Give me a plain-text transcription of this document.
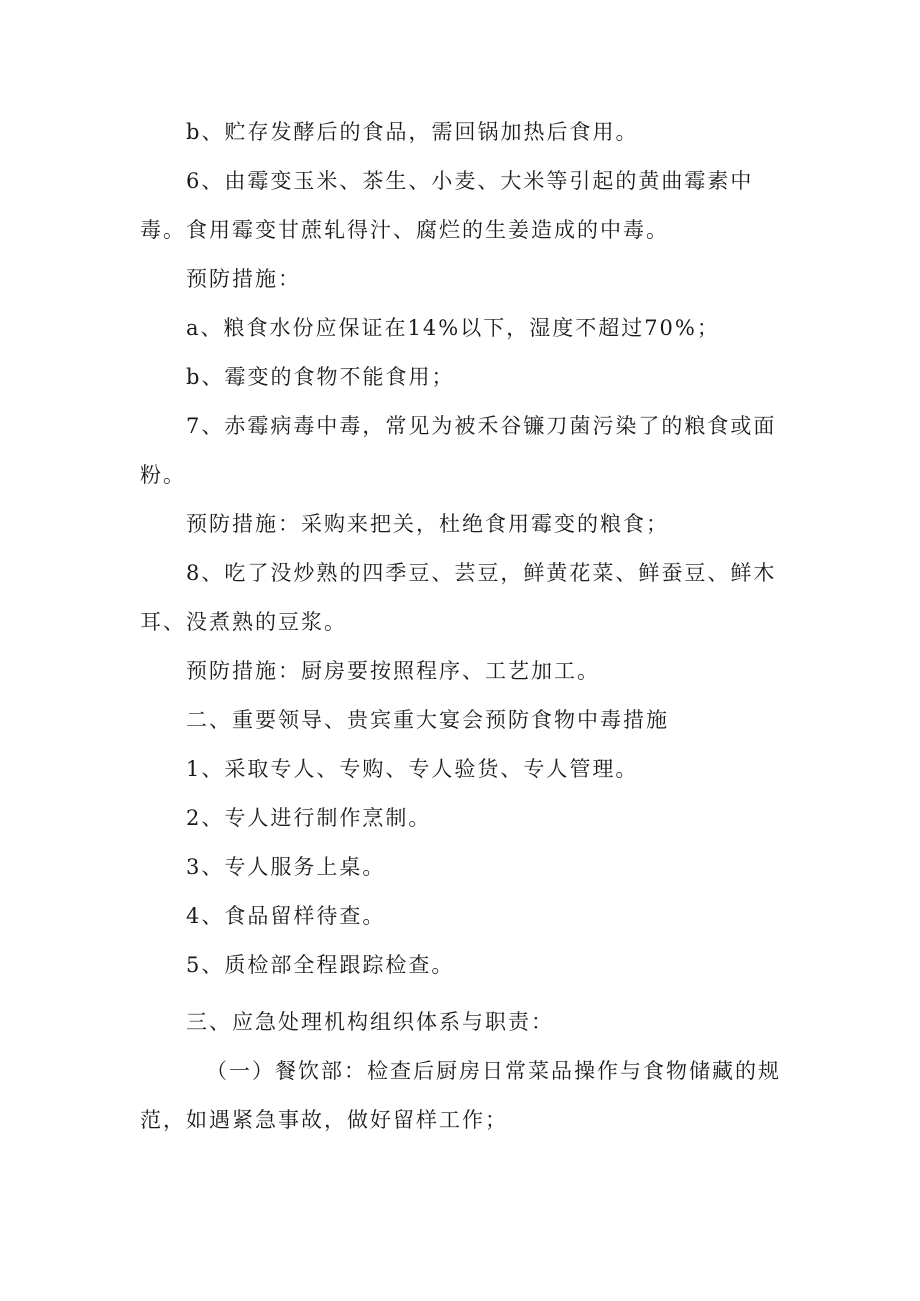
b、贮存发酵后的食品，需回锅加热后食用。

6、由霉变玉米、茶生、小麦、大米等引起的黄曲霉素中毒。食用霉变甘蔗轧得汁、腐烂的生姜造成的中毒。

预防措施：

a、粮食水份应保证在14%以下，湿度不超过70%；

b、霉变的食物不能食用；

7、赤霉病毒中毒，常见为被禾谷镰刀菌污染了的粮食或面粉。

预防措施：采购来把关，杜绝食用霉变的粮食；

8、吃了没炒熟的四季豆、芸豆，鲜黄花菜、鲜蚕豆、鲜木耳、没煮熟的豆浆。

预防措施：厨房要按照程序、工艺加工。

二、重要领导、贵宾重大宴会预防食物中毒措施

1、采取专人、专购、专人验货、专人管理。

2、专人进行制作烹制。

3、专人服务上桌。

4、食品留样待查。

5、质检部全程跟踪检查。

三、应急处理机构组织体系与职责：

（一）餐饮部：检查后厨房日常菜品操作与食物储藏的规范，如遇紧急事故，做好留样工作；
